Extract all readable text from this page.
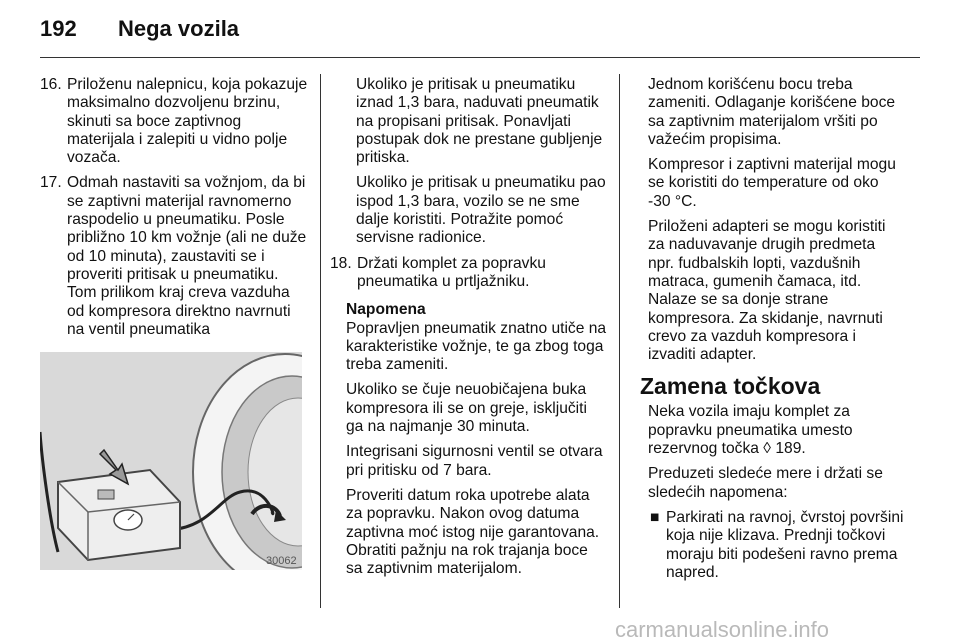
192 Nega vozila
16. Priloženu nalepnicu, koja pokazuje maksimalno dozvoljenu brzinu, skinuti sa boce zaptivnog materijala i zalepiti u vidno polje vozača.
17. Odmah nastaviti sa vožnjom, da bi se zaptivni materijal ravnomerno raspodelio u pneumatiku. Posle približno 10 km vožnje (ali ne duže od 10 minuta), zaustaviti se i proveriti pritisak u pneumatiku. Tom prilikom kraj creva vazduha od kompresora direktno navrnuti na ventil pneumatika
30062

Ukoliko je pritisak u pneumatiku iznad 1,3 bara, naduvati pneumatik na propisani pritisak. Ponavljati postupak dok ne prestane gubljenje pritiska.

Ukoliko je pritisak u pneumatiku pao ispod 1,3 bara, vozilo se ne sme dalje koristiti. Potražite pomoć servisne radionice.

18. Držati komplet za popravku pneumatika u prtljažniku.
Napomena

Popravljen pneumatik znatno utiče na karakteristike vožnje, te ga zbog toga treba zameniti.

Ukoliko se čuje neuobičajena buka kompresora ili se on greje, isključiti ga na najmanje 30 minuta.

Integrisani sigurnosni ventil se otvara pri pritisku od 7 bara.

Proveriti datum roka upotrebe alata za popravku. Nakon ovog datuma zaptivna moć istog nije garantovana. Obratiti pažnju na rok trajanja boce sa zaptivnim materijalom.

Jednom korišćenu bocu treba zameniti. Odlaganje korišćene boce sa zaptivnim materijalom vršiti po važećim propisima.

Kompresor i zaptivni materijal mogu se koristiti do temperature od oko -30 °C.

Priloženi adapteri se mogu koristiti za naduvavanje drugih predmeta npr. fudbalskih lopti, vazdušnih matraca, gumenih čamaca, itd. Nalaze se sa donje strane kompresora. Za skidanje, navrnuti crevo za vazduh kompresora i izvaditi adapter.

Zamena točkova

Neka vozila imaju komplet za popravku pneumatika umesto rezervnog točka ◊ 189.

Preduzeti sledeće mere i držati se sledećih napomena:

■ Parkirati na ravnoj, čvrstoj površini koja nije klizava. Prednji točkovi moraju biti podešeni ravno prema napred.
carmanualsonline.info
